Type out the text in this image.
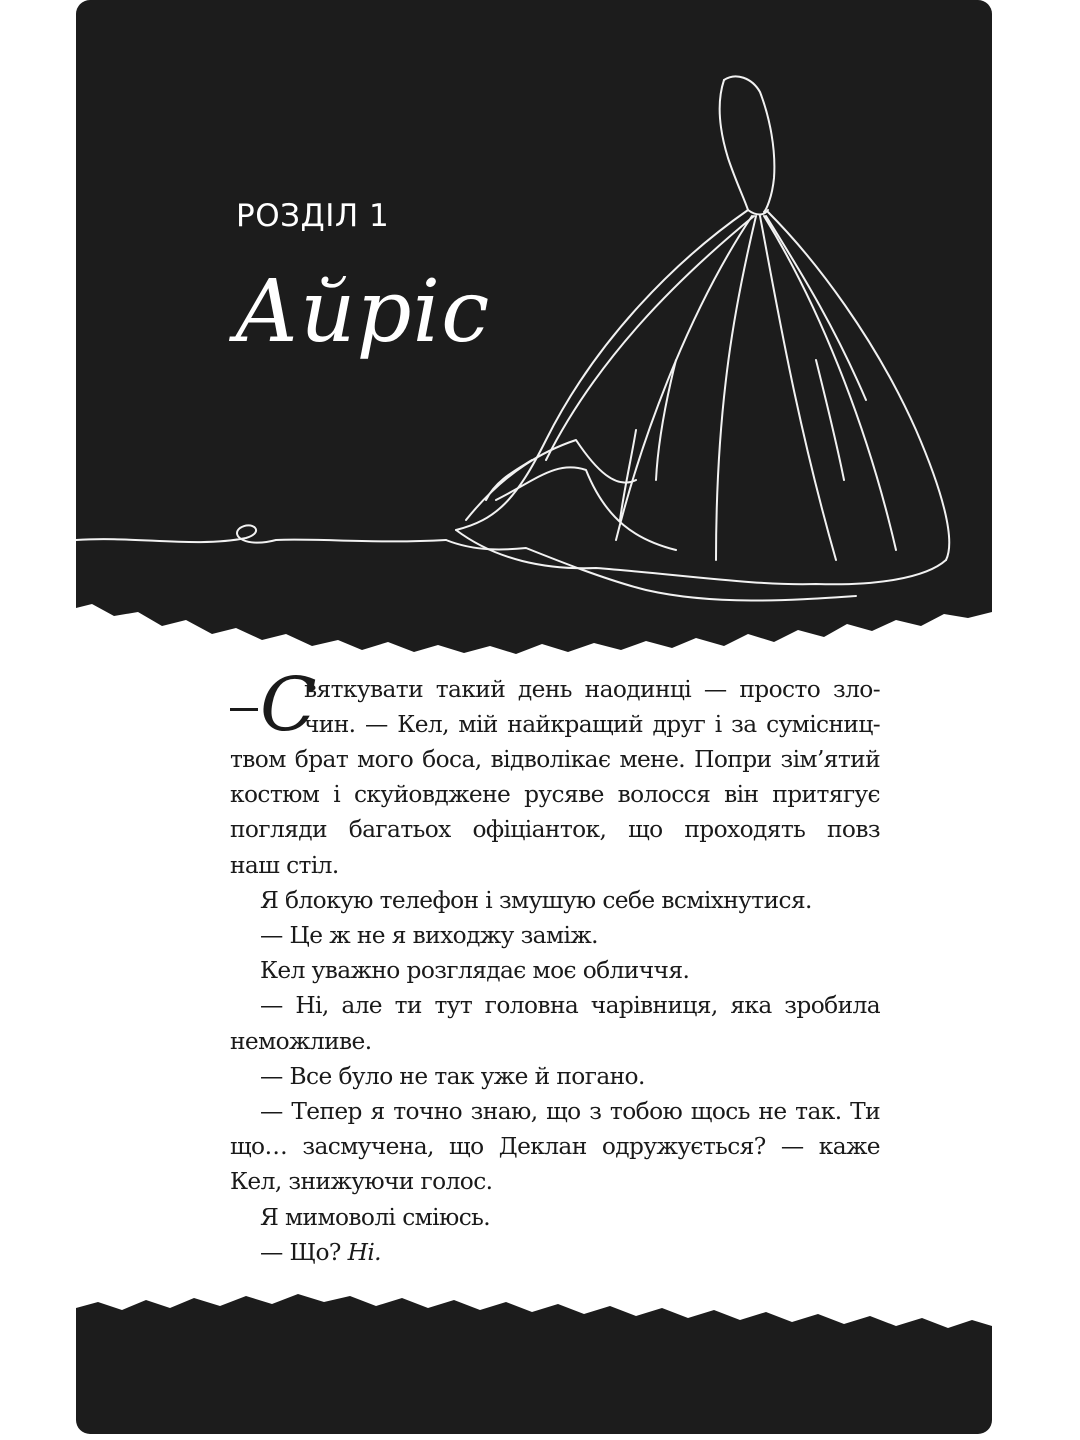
РОЗДІЛ 1
Айріс

С
вяткувати такий день наодинці — просто зло-
чин. — Кел, мій найкращий друг і за сумісниц-
твом брат мого боса, відволікає мене. Попри зім’ятий
костюм і скуйовджене русяве волосся він притягує
погляди багатьох офіціанток, що проходять повз
наш стіл.

Я блокую телефон і змушую себе всміхнутися.

— Це ж не я виходжу заміж.

Кел уважно розглядає моє обличчя.

— Ні, але ти тут головна чарівниця, яка зробила
неможливе.

— Все було не так уже й погано.

— Тепер я точно знаю, що з тобою щось не так. Ти
що… засмучена, що Деклан одружується? — каже
Кел, знижуючи голос.

Я мимоволі сміюсь.

— Що? Ні.
